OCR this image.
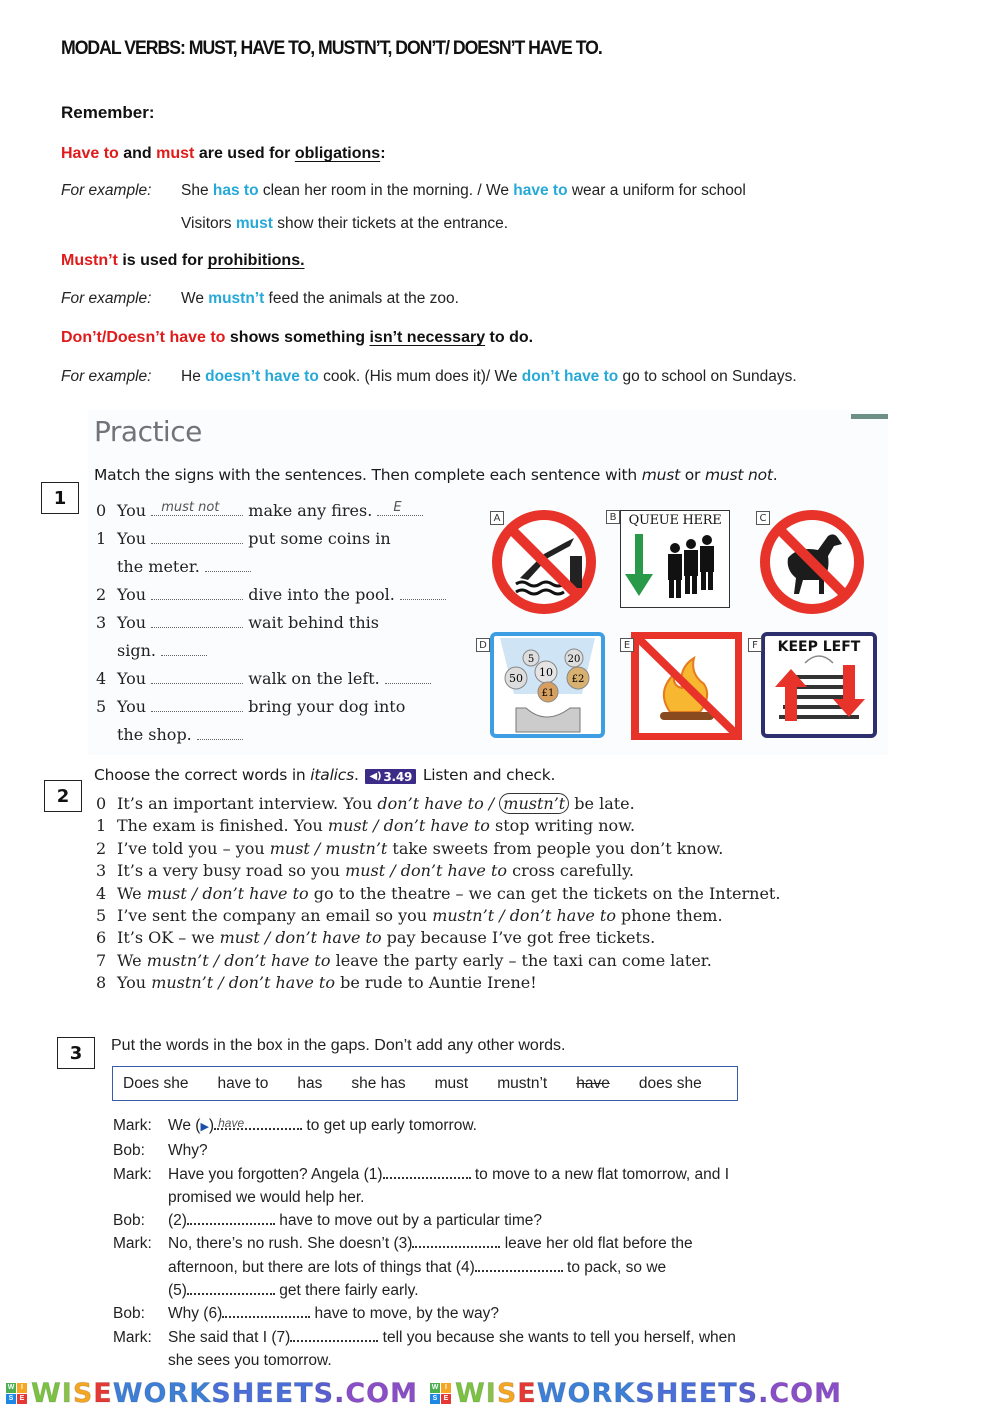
MODAL VERBS: MUST, HAVE TO, MUSTN’T, DON’T/ DOESN’T HAVE TO.
Remember:
Have to and must are used for obligations:
For example: She has to clean her room in the morning. / We have to wear a uniform for school
Visitors must show their tickets at the entrance.
Mustn’t is used for prohibitions.
For example: We mustn’t feed the animals at the zoo.
Don’t/Doesn’t have to shows something isn’t necessary to do.
For example: He doesn’t have to cook. (His mum does it)/ We don’t have to go to school on Sundays.
Practice
1
Match the signs with the sentences. Then complete each sentence with must or must not.
0 You must not make any fires. E
1 You	put some coins in
the meter.
2 You	dive into the pool.
3 You	wait behind this
sign.
4 You	walk on the left.
5 You	bring your dog into
the shop.
A	B QUEUE HERE	C
D
5	20
50 10
£2
£1
E	F	KEEP LEFT
2
Choose the correct words in italics. ◀) 3.49 Listen and check.
0 It’s an important interview. You don’t have to / mustn’t be late.
1 The exam is finished. You must / don’t have to stop writing now.
2 I’ve told you – you must / mustn’t take sweets from people you don’t know.
3 It’s a very busy road so you must / don’t have to cross carefully.
4 We must / don’t have to go to the theatre – we can get the tickets on the Internet.
5 I’ve sent the company an email so you mustn’t / don’t have to phone them.
6 It’s OK – we must / don’t have to pay because I’ve got free tickets.
7 We mustn’t / don’t have to leave the party early – the taxi can come later.
8 You mustn’t / don’t have to be rude to Auntie Irene!
3	Put the words in the box in the gaps. Don’t add any other words.
Does she have to has she has must mustn’t have does she
Mark:	We (▶) have	to get up early tomorrow.
Bob:	Why?
Mark:	Have you forgotten? Angela (1)	to move to a new flat tomorrow, and I
promised we would help her.
Bob:	(2)	have to move out by a particular time?
Mark:	No, there’s no rush. She doesn’t (3)	leave her old flat before the
afternoon, but there are lots of things that (4)	to pack, so we
(5)	get there fairly early.
Bob:	Why (6)	have to move, by the way?
Mark:	She said that I (7)	tell you because she wants to tell you herself, when
she sees you tomorrow.
W I
S E WISEWORKSHEETS.COM W I
S E WISEWORKSHEETS.COM
